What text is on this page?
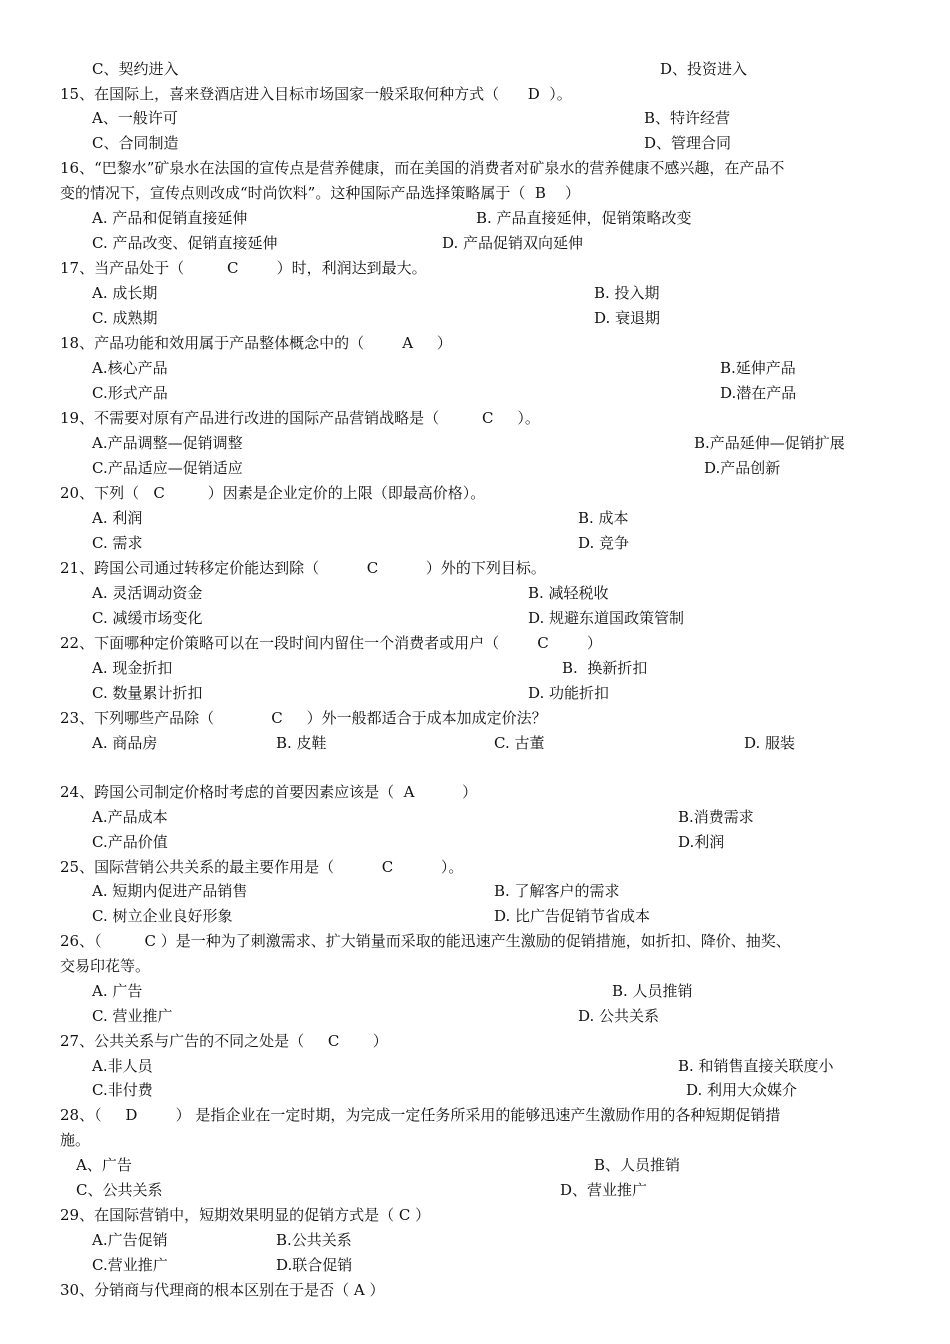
C、契约进入	D、投资进入
15、在国际上，喜来登酒店进入目标市场国家一般采取何种方式（      D  ）。
A、一般许可	B、特许经营
C、合同制造	D、管理合同
16、“巴黎水”矿泉水在法国的宣传点是营养健康，而在美国的消费者对矿泉水的营养健康不感兴趣，在产品不
变的情况下，宣传点则改成“时尚饮料”。这种国际产品选择策略属于（  B    ）
A. 产品和促销直接延伸	B. 产品直接延伸，促销策略改变
C. 产品改变、促销直接延伸	D. 产品促销双向延伸
17、当产品处于（         C        ）时，利润达到最大。
A. 成长期	B. 投入期
C. 成熟期	D. 衰退期
18、产品功能和效用属于产品整体概念中的（        A     ）
A.核心产品	B.延伸产品
C.形式产品	D.潜在产品
19、不需要对原有产品进行改进的国际产品营销战略是（         C     ）。
A.产品调整—促销调整	B.产品延伸—促销扩展
C.产品适应—促销适应	D.产品创新
20、下列（   C         ）因素是企业定价的上限（即最高价格）。
A. 利润	B. 成本
C. 需求	D. 竞争
21、跨国公司通过转移定价能达到除（          C          ）外的下列目标。
A. 灵活调动资金	B. 减轻税收
C. 减缓市场变化	D. 规避东道国政策管制
22、下面哪种定价策略可以在一段时间内留住一个消费者或用户（        C        ）
A. 现金折扣	B.  换新折扣
C. 数量累计折扣	D. 功能折扣
23、下列哪些产品除（            C     ）外一般都适合于成本加成定价法？
A. 商品房	B. 皮鞋	C. 古董	D. 服装
24、跨国公司制定价格时考虑的首要因素应该是（  A          ）
A.产品成本	B.消费需求
C.产品价值	D.利润
25、国际营销公共关系的最主要作用是（          C          ）。
A. 短期内促进产品销售	B. 了解客户的需求
C. 树立企业良好形象	D. 比广告促销节省成本
26、（         C ）是一种为了刺激需求、扩大销量而采取的能迅速产生激励的促销措施，如折扣、降价、抽奖、
交易印花等。
A. 广告	B. 人员推销
C. 营业推广	D. 公共关系
27、公共关系与广告的不同之处是（     C       ）
A.非人员	B. 和销售直接关联度小
C.非付费	D. 利用大众媒介
28、（     D        ） 是指企业在一定时期，为完成一定任务所采用的能够迅速产生激励作用的各种短期促销措
施。
A、广告	B、人员推销
C、公共关系	D、营业推广
29、在国际营销中，短期效果明显的促销方式是（ C ）
A.广告促销	B.公共关系
C.营业推广	D.联合促销
30、分销商与代理商的根本区别在于是否（ A ）
